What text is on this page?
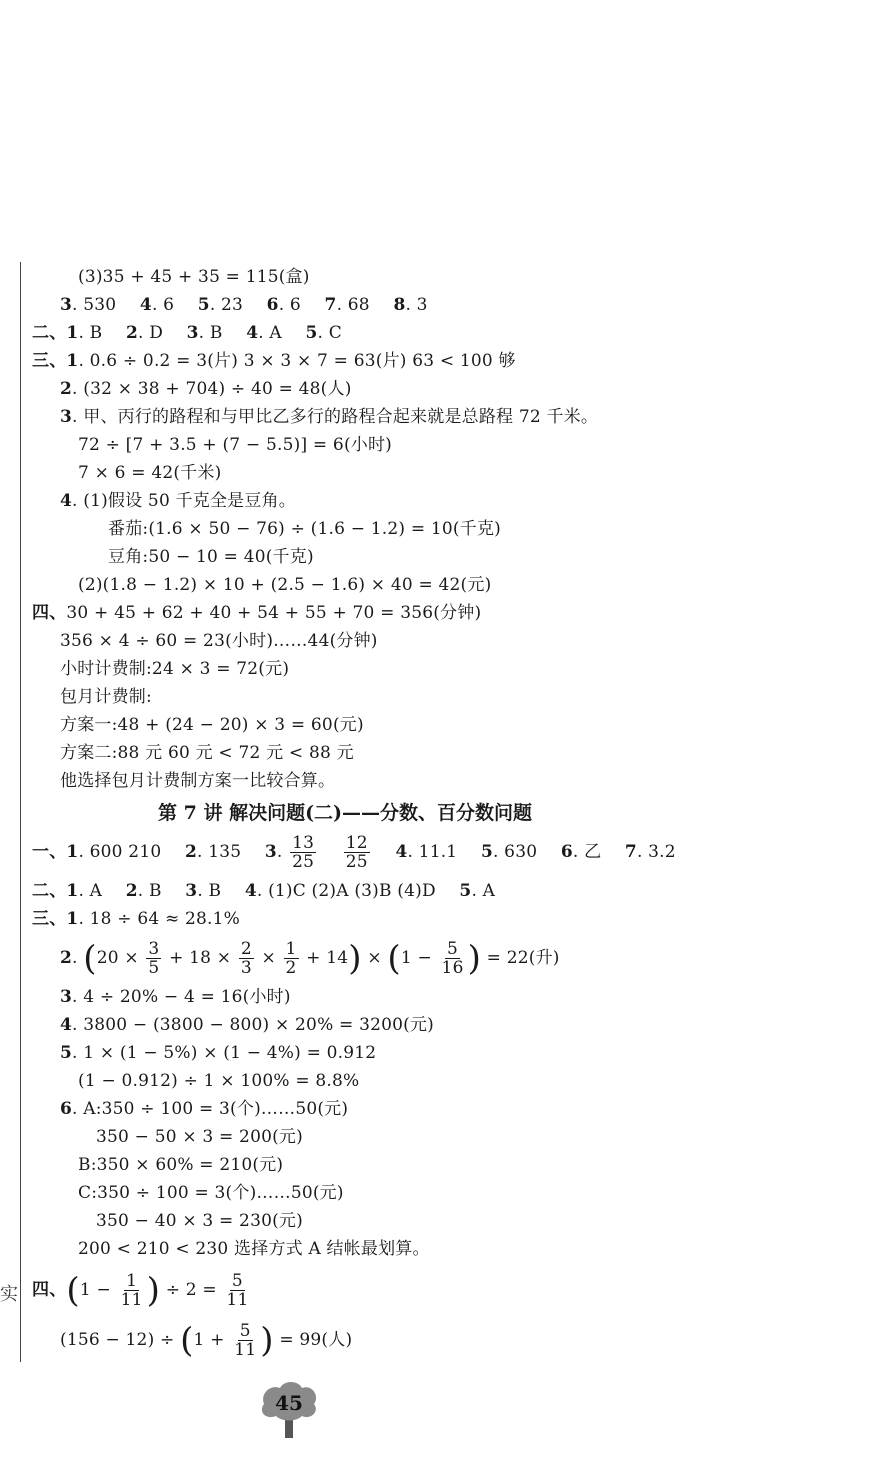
实
(3)35 + 45 + 35 = 115(盒)
3. 530 4. 6 5. 23 6. 6 7. 68 8. 3
二、1. B 2. D 3. B 4. A 5. C
三、1. 0.6 ÷ 0.2 = 3(片) 3 × 3 × 7 = 63(片) 63 < 100 够
2. (32 × 38 + 704) ÷ 40 = 48(人)
3. 甲、丙行的路程和与甲比乙多行的路程合起来就是总路程 72 千米。
72 ÷ [7 + 3.5 + (7 − 5.5)] = 6(小时)
7 × 6 = 42(千米)
4. (1)假设 50 千克全是豆角。
番茄:(1.6 × 50 − 76) ÷ (1.6 − 1.2) = 10(千克)
豆角:50 − 10 = 40(千克)
(2)(1.8 − 1.2) × 10 + (2.5 − 1.6) × 40 = 42(元)
四、30 + 45 + 62 + 40 + 54 + 55 + 70 = 356(分钟)
356 × 4 ÷ 60 = 23(小时)……44(分钟)
小时计费制:24 × 3 = 72(元)
包月计费制:
方案一:48 + (24 − 20) × 3 = 60(元)
方案二:88 元 60 元 < 72 元 < 88 元
他选择包月计费制方案一比较合算。
第 7 讲 解决问题(二)——分数、百分数问题
一、1. 600 210 2. 135 3. $\frac{13}{25}$
$\frac{12}{25} 4$. 11.1 5. 630 6. 乙 7. 3.2
二、1. A 2. B 3. B 4. (1)C (2)A (3)B (4)D 5. A
三、1. 18 ÷ 64 ≈ 28.1%
2. $(20 \times \frac{3}{5} + 18 \times \frac{2}{3} \times \frac{1}{2} + 14) \times (1 - \frac{5}{16}$ ) = 22(升)
3. 4 ÷ 20% − 4 = 16(小时)
4. 3800 − (3800 − 800) × 20% = 3200(元)
5. 1 × (1 − 5%) × (1 − 4%) = 0.912
(1 − 0.912) ÷ 1 × 100% = 8.8%
6. A:350 ÷ 100 = 3(个)……50(元)
350 − 50 × 3 = 200(元)
B:350 × 60% = 210(元)
C:350 ÷ 100 = 3(个)……50(元)
350 − 40 × 3 = 230(元)
200 < 210 < 230 选择方式 A 结帐最划算。
四、($1 - \frac{1}{11}$ ) ÷ $2 = \frac{5}{11}$
$(156 - 12) \div (1 + \frac{5}{11}$ ) = 99(人)
45
